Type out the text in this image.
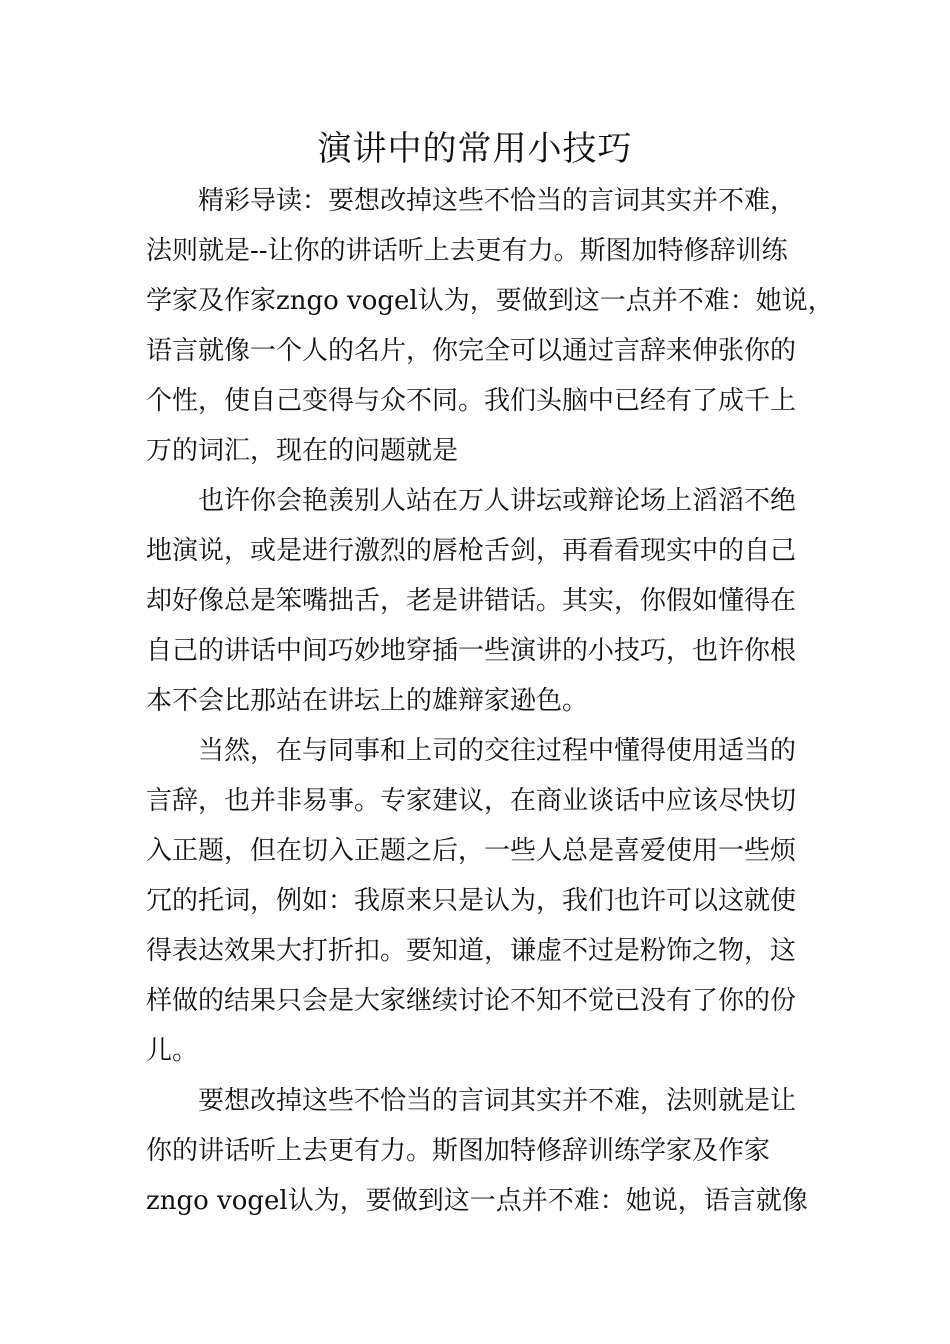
演讲中的常用小技巧
精彩导读：要想改掉这些不恰当的言词其实并不难，
法则就是--让你的讲话听上去更有力。斯图加特修辞训练
学家及作家zngo vogel认为，要做到这一点并不难：她说，
语言就像一个人的名片，你完全可以通过言辞来伸张你的
个性，使自己变得与众不同。我们头脑中已经有了成千上
万的词汇，现在的问题就是
也许你会艳羡别人站在万人讲坛或辩论场上滔滔不绝
地演说，或是进行激烈的唇枪舌剑，再看看现实中的自己
却好像总是笨嘴拙舌，老是讲错话。其实，你假如懂得在
自己的讲话中间巧妙地穿插一些演讲的小技巧，也许你根
本不会比那站在讲坛上的雄辩家逊色。
当然，在与同事和上司的交往过程中懂得使用适当的
言辞，也并非易事。专家建议，在商业谈话中应该尽快切
入正题，但在切入正题之后，一些人总是喜爱使用一些烦
冗的托词，例如：我原来只是认为，我们也许可以这就使
得表达效果大打折扣。要知道，谦虚不过是粉饰之物，这
样做的结果只会是大家继续讨论不知不觉已没有了你的份
儿。
要想改掉这些不恰当的言词其实并不难，法则就是让
你的讲话听上去更有力。斯图加特修辞训练学家及作家
zngo vogel认为，要做到这一点并不难：她说，语言就像
